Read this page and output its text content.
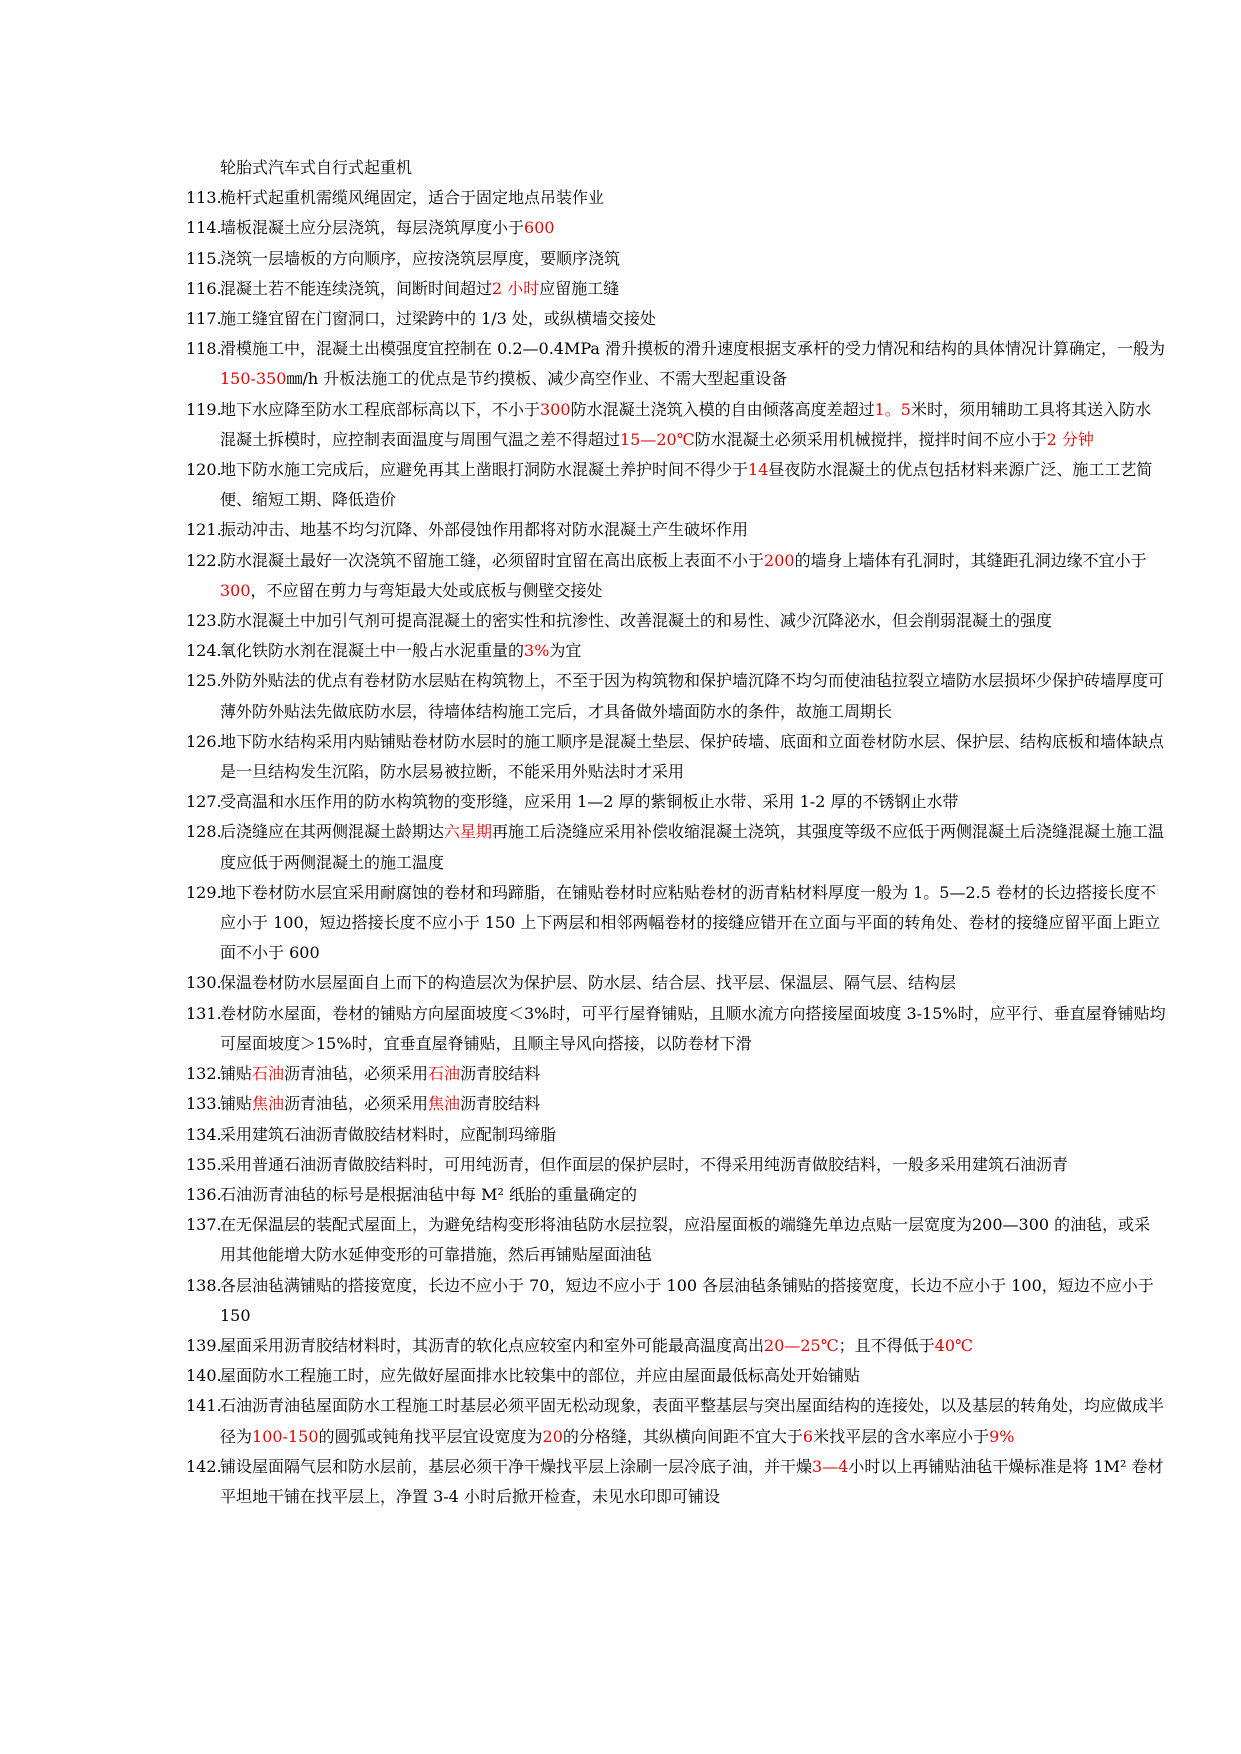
轮胎式汽车式自行式起重机
113.
桅杆式起重机需缆风绳固定，适合于固定地点吊装作业
114.
墙板混凝土应分层浇筑，每层浇筑厚度小于600
115.
浇筑一层墙板的方向顺序，应按浇筑层厚度，要顺序浇筑
116.
混凝土若不能连续浇筑，间断时间超过2 小时应留施工缝
117.
施工缝宜留在门窗洞口，过梁跨中的 1/3 处，或纵横墙交接处
118.
滑模施工中，混凝土出模强度宜控制在 0.2—0.4MPa 滑升摸板的滑升速度根据支承杆的受力情况和结构的具体情况计算确定，一般为150-350㎜/h 升板法施工的优点是节约摸板、减少高空作业、不需大型起重设备
119.
地下水应降至防水工程底部标高以下，不小于300防水混凝土浇筑入模的自由倾落高度差超过1。5米时，须用辅助工具将其送入防水混凝土拆模时，应控制表面温度与周围气温之差不得超过15—20℃防水混凝土必须采用机械搅拌，搅拌时间不应小于2 分钟
120.
地下防水施工完成后，应避免再其上凿眼打洞防水混凝土养护时间不得少于14昼夜防水混凝土的优点包括材料来源广泛、施工工艺简便、缩短工期、降低造价
121.
振动冲击、地基不均匀沉降、外部侵蚀作用都将对防水混凝土产生破坏作用
122.
防水混凝土最好一次浇筑不留施工缝，必须留时宜留在高出底板上表面不小于200的墙身上墙体有孔洞时，其缝距孔洞边缘不宜小于300，不应留在剪力与弯矩最大处或底板与侧壁交接处
123.
防水混凝土中加引气剂可提高混凝土的密实性和抗渗性、改善混凝土的和易性、减少沉降泌水，但会削弱混凝土的强度
124.
氧化铁防水剂在混凝土中一般占水泥重量的3%为宜
125.
外防外贴法的优点有卷材防水层贴在构筑物上，不至于因为构筑物和保护墙沉降不均匀而使油毡拉裂立墙防水层损坏少保护砖墙厚度可薄外防外贴法先做底防水层，待墙体结构施工完后，才具备做外墙面防水的条件，故施工周期长
126.
地下防水结构采用内贴铺贴卷材防水层时的施工顺序是混凝土垫层、保护砖墙、底面和立面卷材防水层、保护层、结构底板和墙体缺点是一旦结构发生沉陷，防水层易被拉断，不能采用外贴法时才采用
127.
受高温和水压作用的防水构筑物的变形缝，应采用 1—2 厚的紫铜板止水带、采用 1-2 厚的不锈钢止水带
128.
后浇缝应在其两侧混凝土龄期达六星期再施工后浇缝应采用补偿收缩混凝土浇筑，其强度等级不应低于两侧混凝土后浇缝混凝土施工温度应低于两侧混凝土的施工温度
129.
地下卷材防水层宜采用耐腐蚀的卷材和玛蹄脂，在铺贴卷材时应粘贴卷材的沥青粘材料厚度一般为 1。5—2.5 卷材的长边搭接长度不应小于 100，短边搭接长度不应小于 150 上下两层和相邻两幅卷材的接缝应错开在立面与平面的转角处、卷材的接缝应留平面上距立面不小于 600
130.
保温卷材防水层屋面自上而下的构造层次为保护层、防水层、结合层、找平层、保温层、隔气层、结构层
131.
卷材防水屋面，卷材的铺贴方向屋面坡度＜3%时，可平行屋脊铺贴，且顺水流方向搭接屋面坡度 3-15%时，应平行、垂直屋脊铺贴均可屋面坡度＞15%时，宜垂直屋脊铺贴，且顺主导风向搭接，以防卷材下滑
132.
铺贴石油沥青油毡，必须采用石油沥青胶结料
133.
铺贴焦油沥青油毡，必须采用焦油沥青胶结料
134.
采用建筑石油沥青做胶结材料时，应配制玛缔脂
135.
采用普通石油沥青做胶结料时，可用纯沥青，但作面层的保护层时，不得采用纯沥青做胶结料，一般多采用建筑石油沥青
136.
石油沥青油毡的标号是根据油毡中每 M² 纸胎的重量确定的
137.
在无保温层的装配式屋面上，为避免结构变形将油毡防水层拉裂，应沿屋面板的端缝先单边点贴一层宽度为200—300 的油毡，或采用其他能增大防水延伸变形的可靠措施，然后再铺贴屋面油毡
138.
各层油毡满铺贴的搭接宽度，长边不应小于 70，短边不应小于 100 各层油毡条铺贴的搭接宽度，长边不应小于 100，短边不应小于 150
139.
屋面采用沥青胶结材料时，其沥青的软化点应较室内和室外可能最高温度高出20—25℃；且不得低于40℃
140.
屋面防水工程施工时，应先做好屋面排水比较集中的部位，并应由屋面最低标高处开始铺贴
141.
石油沥青油毡屋面防水工程施工时基层必须平固无松动现象，表面平整基层与突出屋面结构的连接处，以及基层的转角处，均应做成半径为100-150的圆弧或钝角找平层宜设宽度为20的分格缝，其纵横向间距不宜大于6米找平层的含水率应小于9%
142.
铺设屋面隔气层和防水层前，基层必须干净干燥找平层上涂刷一层冷底子油，并干燥3—4小时以上再铺贴油毡干燥标准是将 1M² 卷材平坦地干铺在找平层上，净置 3-4 小时后掀开检查，未见水印即可铺设
